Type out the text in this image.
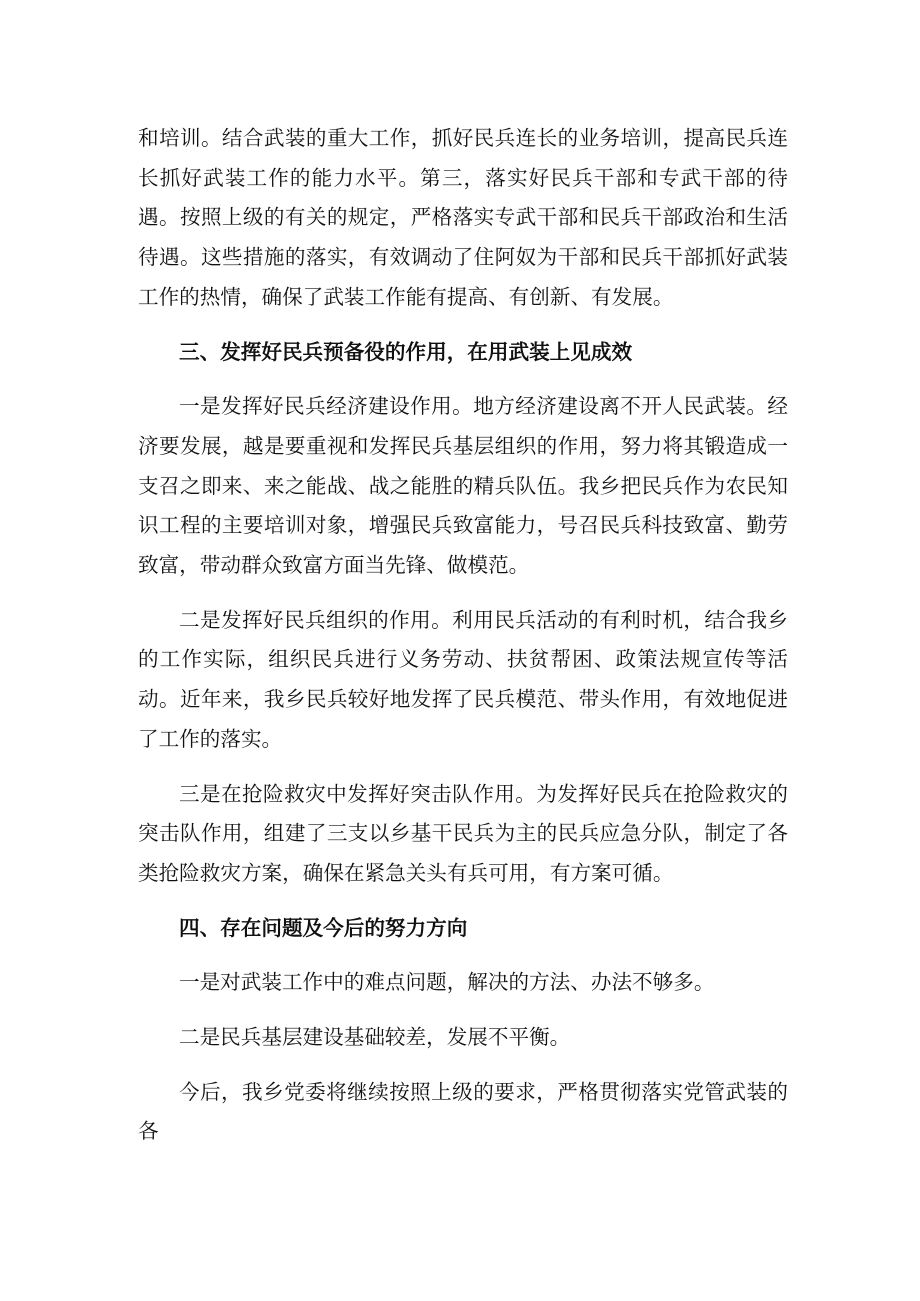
和培训。结合武装的重大工作，抓好民兵连长的业务培训，提高民兵连长抓好武装工作的能力水平。第三，落实好民兵干部和专武干部的待遇。按照上级的有关的规定，严格落实专武干部和民兵干部政治和生活待遇。这些措施的落实，有效调动了住阿奴为干部和民兵干部抓好武装工作的热情，确保了武装工作能有提高、有创新、有发展。

三、发挥好民兵预备役的作用，在用武装上见成效

一是发挥好民兵经济建设作用。地方经济建设离不开人民武装。经济要发展，越是要重视和发挥民兵基层组织的作用，努力将其锻造成一支召之即来、来之能战、战之能胜的精兵队伍。我乡把民兵作为农民知识工程的主要培训对象，增强民兵致富能力，号召民兵科技致富、勤劳致富，带动群众致富方面当先锋、做模范。

二是发挥好民兵组织的作用。利用民兵活动的有利时机，结合我乡的工作实际，组织民兵进行义务劳动、扶贫帮困、政策法规宣传等活动。近年来，我乡民兵较好地发挥了民兵模范、带头作用，有效地促进了工作的落实。

三是在抢险救灾中发挥好突击队作用。为发挥好民兵在抢险救灾的突击队作用，组建了三支以乡基干民兵为主的民兵应急分队，制定了各类抢险救灾方案，确保在紧急关头有兵可用，有方案可循。

四、存在问题及今后的努力方向

一是对武装工作中的难点问题，解决的方法、办法不够多。

二是民兵基层建设基础较差，发展不平衡。

今后，我乡党委将继续按照上级的要求，严格贯彻落实党管武装的各
